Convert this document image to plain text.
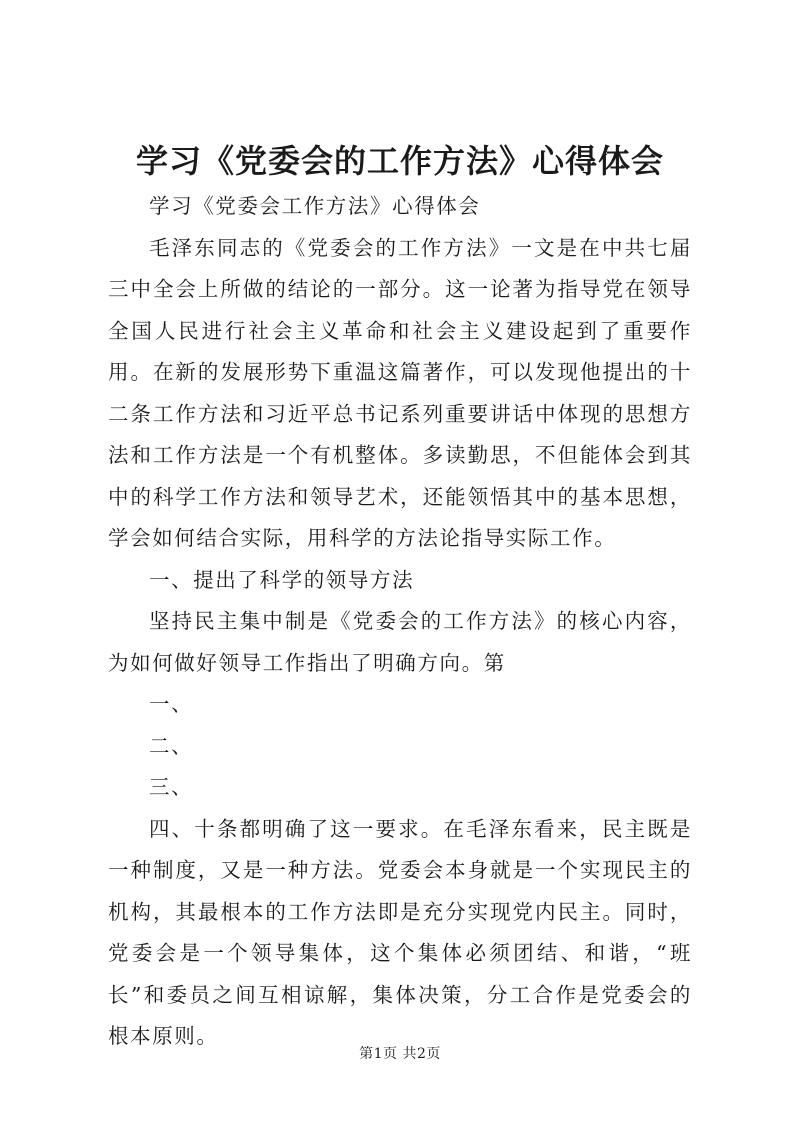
学习《党委会的工作方法》心得体会

学习《党委会工作方法》心得体会

毛泽东同志的《党委会的工作方法》一文是在中共七届三中全会上所做的结论的一部分。这一论著为指导党在领导全国人民进行社会主义革命和社会主义建设起到了重要作用。在新的发展形势下重温这篇著作，可以发现他提出的十二条工作方法和习近平总书记系列重要讲话中体现的思想方法和工作方法是一个有机整体。多读勤思，不但能体会到其中的科学工作方法和领导艺术，还能领悟其中的基本思想，学会如何结合实际，用科学的方法论指导实际工作。

一、提出了科学的领导方法

坚持民主集中制是《党委会的工作方法》的核心内容，为如何做好领导工作指出了明确方向。第

一、

二、

三、

四、十条都明确了这一要求。在毛泽东看来，民主既是一种制度，又是一种方法。党委会本身就是一个实现民主的机构，其最根本的工作方法即是充分实现党内民主。同时，党委会是一个领导集体，这个集体必须团结、和谐，“班长”和委员之间互相谅解，集体决策，分工合作是党委会的根本原则。

第1页 共2页
